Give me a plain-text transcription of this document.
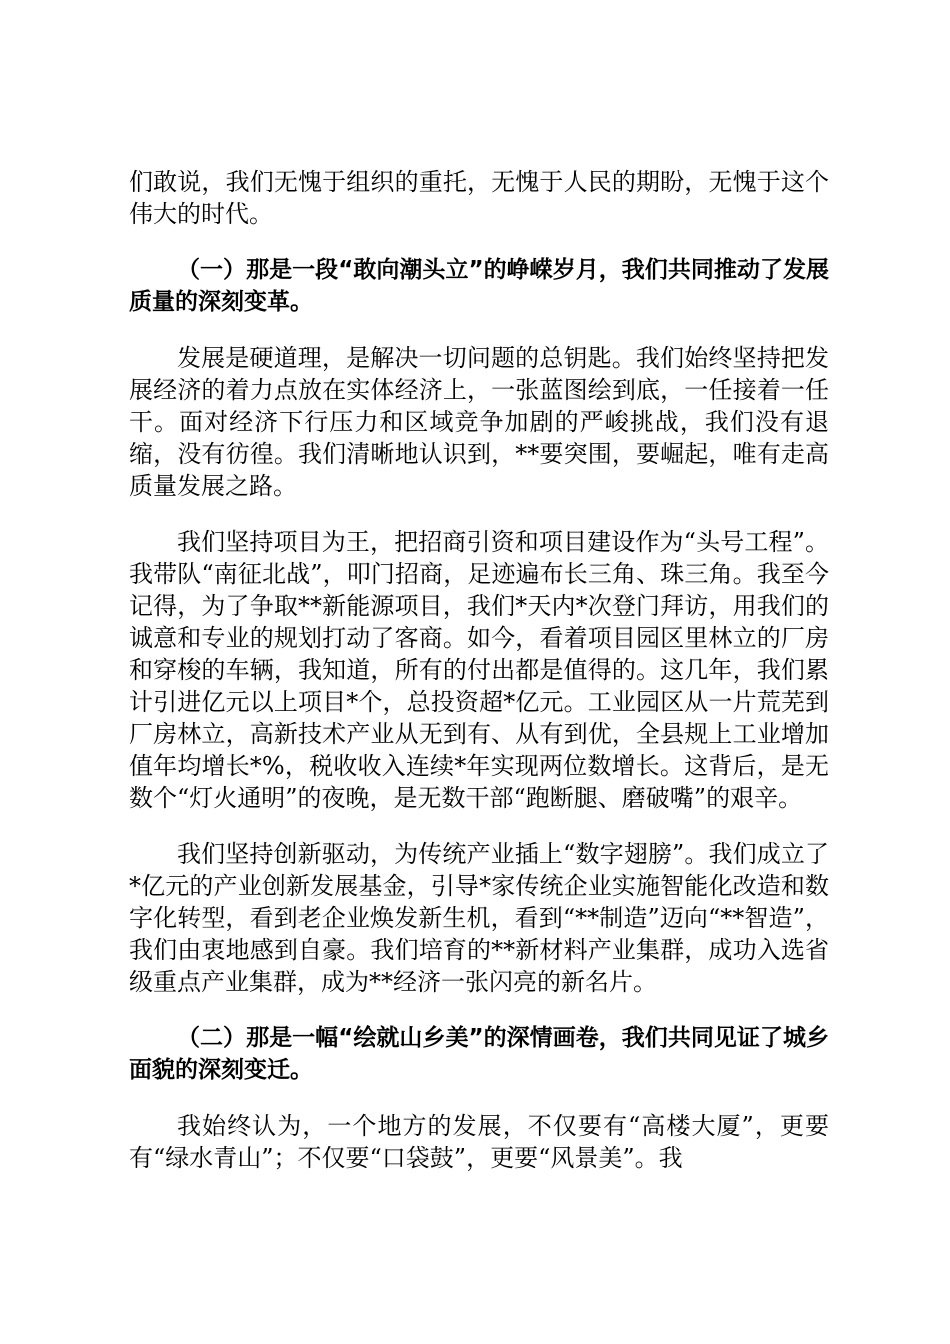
们敢说，我们无愧于组织的重托，无愧于人民的期盼，无愧于这个伟大的时代。

（一）那是一段“敢向潮头立”的峥嵘岁月，我们共同推动了发展质量的深刻变革。

发展是硬道理，是解决一切问题的总钥匙。我们始终坚持把发展经济的着力点放在实体经济上，一张蓝图绘到底，一任接着一任干。面对经济下行压力和区域竞争加剧的严峻挑战，我们没有退缩，没有彷徨。我们清晰地认识到，**要突围，要崛起，唯有走高质量发展之路。

我们坚持项目为王，把招商引资和项目建设作为“头号工程”。我带队“南征北战”，叩门招商，足迹遍布长三角、珠三角。我至今记得，为了争取**新能源项目，我们*天内*次登门拜访，用我们的诚意和专业的规划打动了客商。如今，看着项目园区里林立的厂房和穿梭的车辆，我知道，所有的付出都是值得的。这几年，我们累计引进亿元以上项目*个，总投资超*亿元。工业园区从一片荒芜到厂房林立，高新技术产业从无到有、从有到优，全县规上工业增加值年均增长*%，税收收入连续*年实现两位数增长。这背后，是无数个“灯火通明”的夜晚，是无数干部“跑断腿、磨破嘴”的艰辛。

我们坚持创新驱动，为传统产业插上“数字翅膀”。我们成立了*亿元的产业创新发展基金，引导*家传统企业实施智能化改造和数字化转型，看到老企业焕发新生机，看到“**制造”迈向“**智造”，我们由衷地感到自豪。我们培育的**新材料产业集群，成功入选省级重点产业集群，成为**经济一张闪亮的新名片。

（二）那是一幅“绘就山乡美”的深情画卷，我们共同见证了城乡面貌的深刻变迁。

我始终认为，一个地方的发展，不仅要有“高楼大厦”，更要有“绿水青山”；不仅要“口袋鼓”，更要“风景美”。我
